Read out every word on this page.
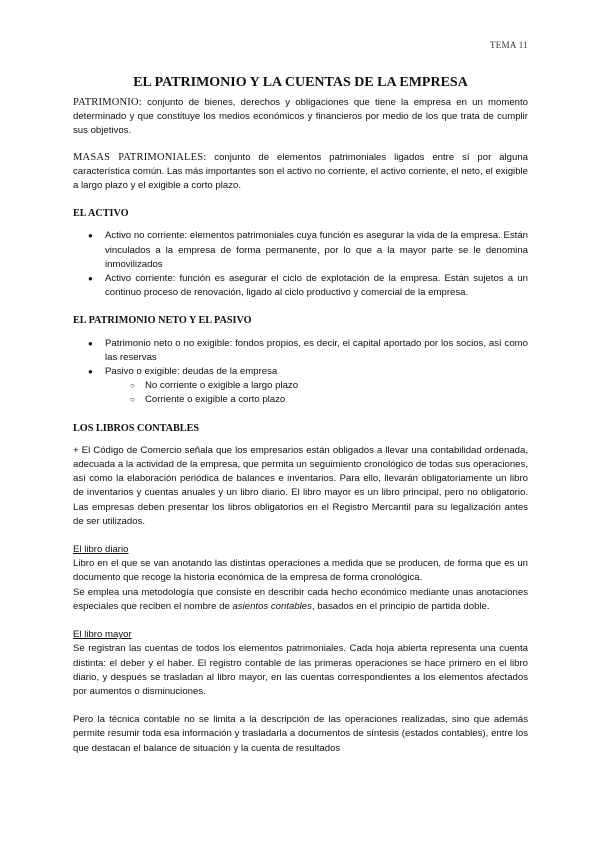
TEMA 11
EL PATRIMONIO Y LA CUENTAS DE LA EMPRESA

PATRIMONIO: conjunto de bienes, derechos y obligaciones que tiene la empresa en un momento determinado y que constituye los medios económicos y financieros por medio de los que trata de cumplir sus objetivos.

MASAS PATRIMONIALES: conjunto de elementos patrimoniales ligados entre sí por alguna característica común. Las más importantes son el activo no corriente, el activo corriente, el neto, el exigible a largo plazo y el exigible a corto plazo.

EL ACTIVO
● Activo no corriente: elementos patrimoniales cuya función es asegurar la vida de la empresa. Están vinculados a la empresa de forma permanente, por lo que a la mayor parte se le denomina inmovilizados
● Activo corriente: función es asegurar el ciclo de explotación de la empresa. Están sujetos a un continuo proceso de renovación, ligado al ciclo productivo y comercial de la empresa.
EL PATRIMONIO NETO Y EL PASIVO
● Patrimonio neto o no exigible: fondos propios, es decir, el capital aportado por los socios, así como las reservas
● Pasivo o exigible: deudas de la empresa
○ No corriente o exigible a largo plazo
○ Corriente o exigible a corto plazo
LOS LIBROS CONTABLES

+ El Código de Comercio señala que los empresarios están obligados a llevar una contabilidad ordenada, adecuada a la actividad de la empresa, que permita un seguimiento cronológico de todas sus operaciones, así como la elaboración periódica de balances e inventarios. Para ello, llevarán obligatoriamente un libro de inventarios y cuentas anuales y un libro diario. El libro mayor es un libro principal, pero no obligatorio. Las empresas deben presentar los libros obligatorios en el Registro Mercantil para su legalización antes de ser utilizados.

El libro diario

Libro en el que se van anotando las distintas operaciones a medida que se producen, de forma que es un documento que recoge la historia económica de la empresa de forma cronológica.

Se emplea una metodología que consiste en describir cada hecho económico mediante unas anotaciones especiales que reciben el nombre de asientos contables, basados en el principio de partida doble.

El libro mayor

Se registran las cuentas de todos los elementos patrimoniales. Cada hoja abierta representa una cuenta distinta: el deber y el haber. El registro contable de las primeras operaciones se hace primero en el libro diario, y después se trasladan al libro mayor, en las cuentas correspondientes a los elementos afectados por aumentos o disminuciones.

Pero la técnica contable no se limita a la descripción de las operaciones realizadas, sino que además permite resumir toda esa información y trasladarla a documentos de síntesis (estados contables), entre los que destacan el balance de situación y la cuenta de resultados
